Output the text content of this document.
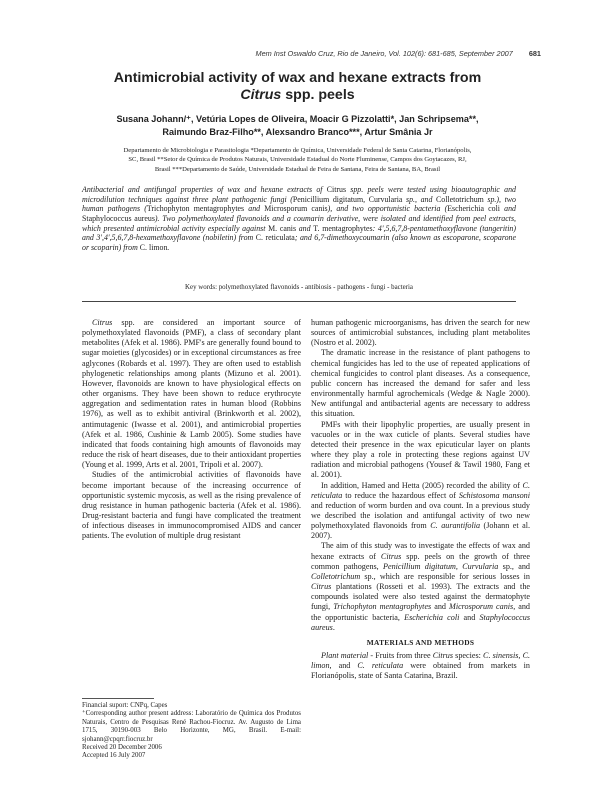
Mem Inst Oswaldo Cruz, Rio de Janeiro, Vol. 102(6): 681-685, September 2007 681
Antimicrobial activity of wax and hexane extracts from
Citrus spp. peels
Susana Johann/⁺, Vetúria Lopes de Oliveira, Moacir G Pizzolatti*, Jan Schripsema**,
Raimundo Braz-Filho**, Alexsandro Branco***, Artur Smânia Jr
Departamento de Microbiologia e Parasitologia *Departamento de Química, Universidade Federal de Santa Catarina, Florianópolis,
SC, Brasil **Setor de Química de Produtos Naturais, Universidade Estadual do Norte Fluminense, Campos dos Goytacazes, RJ,
Brasil ***Departamento de Saúde, Universidade Estadual de Feira de Santana, Feira de Santana, BA, Brasil
Antibacterial and antifungal properties of wax and hexane extracts of Citrus spp. peels were tested using bioautographic and microdilution techniques against three plant pathogenic fungi (Penicillium digitatum, Curvularia sp., and Colletotrichum sp.), two human pathogens (Trichophyton mentagrophytes and Microsporum canis), and two opportunistic bacteria (Escherichia coli and Staphylococcus aureus). Two polymethoxylated flavonoids and a coumarin derivative, were isolated and identified from peel extracts, which presented antimicrobial activity especially against M. canis and T. mentagrophytes: 4',5,6,7,8-pentamethoxyflavone (tangeritin) and 3',4',5,6,7,8-hexamethoxyflavone (nobiletin) from C. reticulata; and 6,7-dimethoxycoumarin (also known as escoparone, scoparone or scoparin) from C. limon.
Key words: polymethoxylated flavonoids - antibiosis - pathogens - fungi - bacteria

Citrus spp. are considered an important source of polymethoxylated flavonoids (PMF), a class of secondary plant metabolites (Afek et al. 1986). PMF's are generally found bound to sugar moieties (glycosides) or in exceptional circumstances as free aglycones (Robards et al. 1997). They are often used to establish phylogenetic relationships among plants (Mizuno et al. 2001). However, flavonoids are known to have physiological effects on other organisms. They have been shown to reduce erythrocyte aggregation and sedimentation rates in human blood (Robbins 1976), as well as to exhibit antiviral (Brinkworth et al. 2002), antimutagenic (Iwasse et al. 2001), and antimicrobial properties (Afek et al. 1986, Cushinie & Lamb 2005). Some studies have indicated that foods containing high amounts of flavonoids may reduce the risk of heart diseases, due to their antioxidant properties (Young et al. 1999, Arts et al. 2001, Tripoli et al. 2007).

Studies of the antimicrobial activities of flavonoids have become important because of the increasing occurrence of opportunistic systemic mycosis, as well as the rising prevalence of drug resistance in human pathogenic bacteria (Afek et al. 1986). Drug-resistant bacteria and fungi have complicated the treatment of infectious diseases in immunocompromised AIDS and cancer patients. The evolution of multiple drug resistant

human pathogenic microorganisms, has driven the search for new sources of antimicrobial substances, including plant metabolites (Nostro et al. 2002).

The dramatic increase in the resistance of plant pathogens to chemical fungicides has led to the use of repeated applications of chemical fungicides to control plant diseases. As a consequence, public concern has increased the demand for safer and less environmentally harmful agrochemicals (Wedge & Nagle 2000). New antifungal and antibacterial agents are necessary to address this situation.

PMFs with their lipophylic properties, are usually present in vacuoles or in the wax cuticle of plants. Several studies have detected their presence in the wax epicuticular layer on plants where they play a role in protecting these regions against UV radiation and microbial pathogens (Yousef & Tawil 1980, Fang et al. 2001).

In addition, Hamed and Hetta (2005) recorded the ability of C. reticulata to reduce the hazardous effect of Schistosoma mansoni and reduction of worm burden and ova count. In a previous study we described the isolation and antifungal activity of two new polymethoxylated flavonoids from C. aurantifolia (Johann et al. 2007).

The aim of this study was to investigate the effects of wax and hexane extracts of Citrus spp. peels on the growth of three common pathogens, Penicillium digitatum, Curvularia sp., and Colletotrichum sp., which are responsible for serious losses in Citrus plantations (Rosseti et al. 1993). The extracts and the compounds isolated were also tested against the dermatophyte fungi, Trichophyton mentagrophytes and Microsporum canis, and the opportunistic bacteria, Escherichia coli and Staphylococcus aureus.

MATERIALS AND METHODS

Plant material - Fruits from three Citrus species: C. sinensis, C. limon, and C. reticulata were obtained from markets in Florianópolis, state of Santa Catarina, Brazil.

Financial suport: CNPq, Capes
⁺Corresponding author present address: Laboratório de Química dos Produtos Naturais, Centro de Pesquisas René Rachou-Fiocruz. Av. Augusto de Lima 1715, 30190-003 Belo Horizonte, MG, Brasil. E-mail: sjohann@cpqrr.fiocruz.br
Received 20 December 2006
Accepted 16 July 2007
